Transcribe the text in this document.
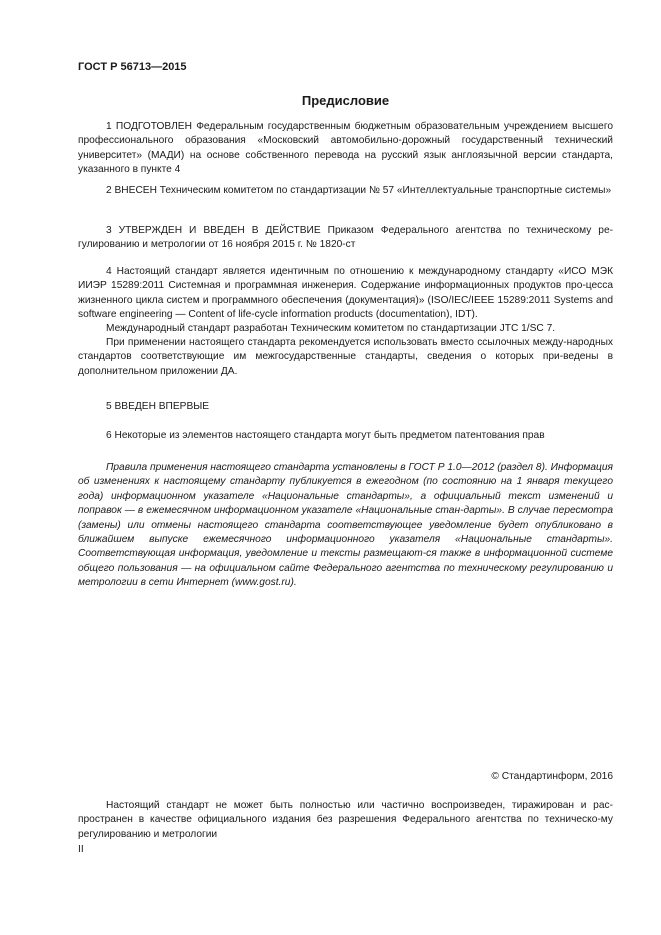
ГОСТ Р 56713—2015
Предисловие

1 ПОДГОТОВЛЕН Федеральным государственным бюджетным образовательным учреждением высшего профессионального образования «Московский автомобильно-дорожный государственный технический университет» (МАДИ) на основе собственного перевода на русский язык англоязычной версии стандарта, указанного в пункте 4

2 ВНЕСЕН Техническим комитетом по стандартизации № 57 «Интеллектуальные транспортные системы»

3 УТВЕРЖДЕН И ВВЕДЕН В ДЕЙСТВИЕ Приказом Федерального агентства по техническому ре-гулированию и метрологии от 16 ноября 2015 г. № 1820-ст

4 Настоящий стандарт является идентичным по отношению к международному стандарту «ИСО МЭК ИИЭР 15289:2011 Системная и программная инженерия. Содержание информационных продуктов про-цесса жизненного цикла систем и программного обеспечения (документация)» (ISO/IEC/IEEE 15289:2011 Systems and software engineering — Content of life-cycle information products (documentation), IDT).

Международный стандарт разработан Техническим комитетом по стандартизации JTC 1/SC 7.

При применении настоящего стандарта рекомендуется использовать вместо ссылочных между-народных стандартов соответствующие им межгосударственные стандарты, сведения о которых при-ведены в дополнительном приложении ДА.

5 ВВЕДЕН ВПЕРВЫЕ

6 Некоторые из элементов настоящего стандарта могут быть предметом патентования прав

Правила применения настоящего стандарта установлены в ГОСТ Р 1.0—2012 (раздел 8). Информация об изменениях к настоящему стандарту публикуется в ежегодном (по состоянию на 1 января текущего года) информационном указателе «Национальные стандарты», а официальный текст изменений и поправок — в ежемесячном информационном указателе «Национальные стан-дарты». В случае пересмотра (замены) или отмены настоящего стандарта соответствующее уведомление будет опубликовано в ближайшем выпуске ежемесячного информационного указателя «Национальные стандарты». Соответствующая информация, уведомление и тексты размещают-ся также в информационной системе общего пользования — на официальном сайте Федерального агентства по техническому регулированию и метрологии в сети Интернет (www.gost.ru).

© Стандартинформ, 2016

Настоящий стандарт не может быть полностью или частично воспроизведен, тиражирован и рас-пространен в качестве официального издания без разрешения Федерального агентства по техническо-му регулированию и метрологии

II
